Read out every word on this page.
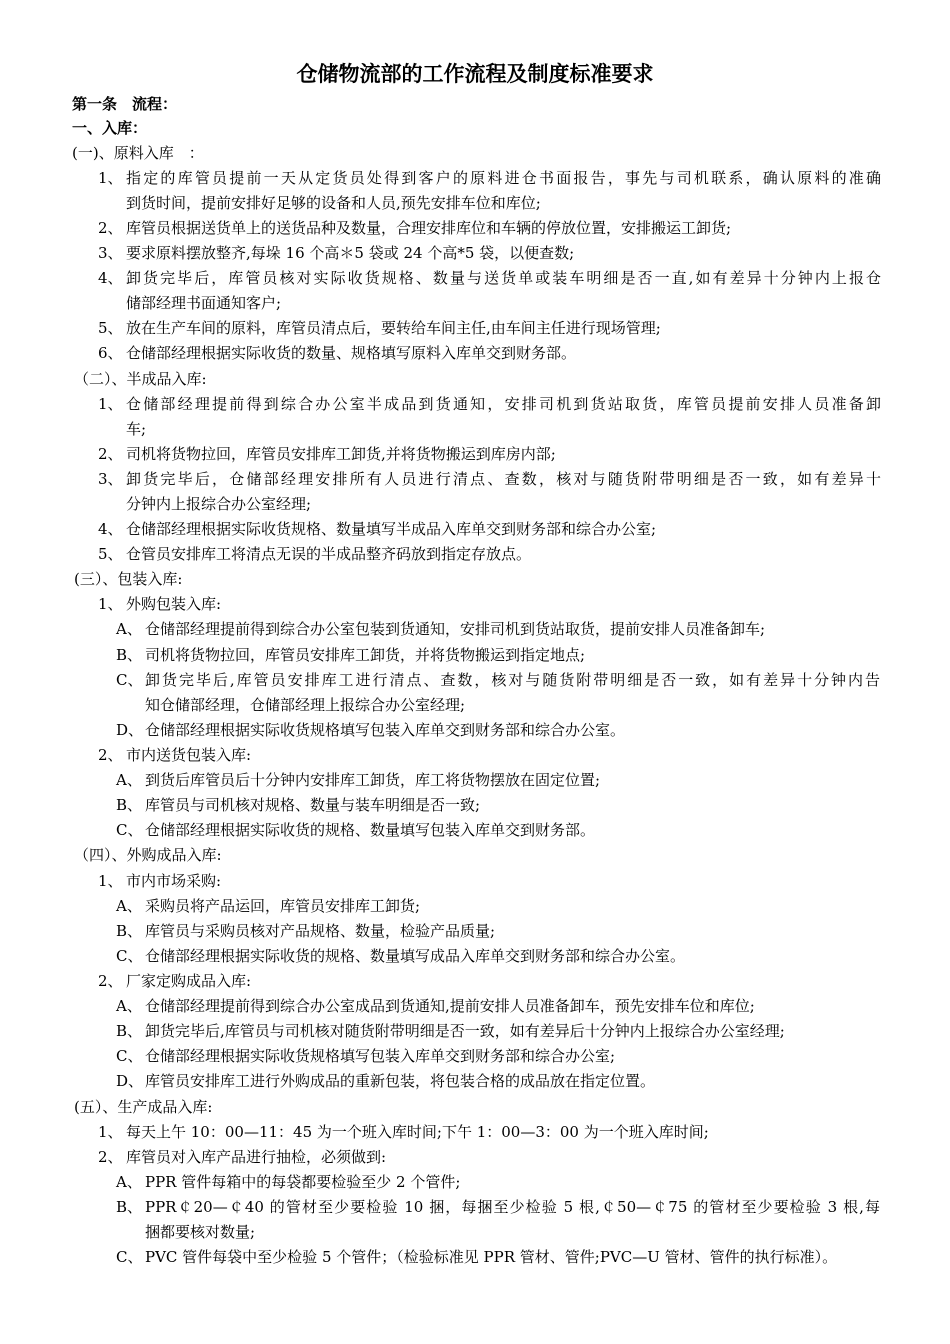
仓储物流部的工作流程及制度标准要求
第一条　流程：
一、入库：
(一)、原料入库　：
1、 指定的库管员提前一天从定货员处得到客户的原料进仓书面报告，事先与司机联系，确认原料的准确
到货时间，提前安排好足够的设备和人员,预先安排车位和库位;
2、 库管员根据送货单上的送货品种及数量，合理安排库位和车辆的停放位置，安排搬运工卸货;
3、 要求原料摆放整齐,每垛 16 个高＊5 袋或 24 个高*5 袋，以便查数;
4、 卸货完毕后，库管员核对实际收货规格、数量与送货单或装车明细是否一直,如有差异十分钟内上报仓
储部经理书面通知客户;
5、 放在生产车间的原料，库管员清点后，要转给车间主任,由车间主任进行现场管理;
6、 仓储部经理根据实际收货的数量、规格填写原料入库单交到财务部。
（二）、半成品入库:
1、 仓储部经理提前得到综合办公室半成品到货通知，安排司机到货站取货，库管员提前安排人员准备卸
车;
2、 司机将货物拉回，库管员安排库工卸货,并将货物搬运到库房内部;
3、 卸货完毕后，仓储部经理安排所有人员进行清点、查数，核对与随货附带明细是否一致，如有差异十
分钟内上报综合办公室经理;
4、 仓储部经理根据实际收货规格、数量填写半成品入库单交到财务部和综合办公室;
5、 仓管员安排库工将清点无误的半成品整齐码放到指定存放点。
(三）、包装入库:
1、 外购包装入库:
A、 仓储部经理提前得到综合办公室包装到货通知，安排司机到货站取货，提前安排人员准备卸车;
B、 司机将货物拉回，库管员安排库工卸货，并将货物搬运到指定地点;
C、 卸货完毕后,库管员安排库工进行清点、查数，核对与随货附带明细是否一致，如有差异十分钟内告
知仓储部经理，仓储部经理上报综合办公室经理;
D、 仓储部经理根据实际收货规格填写包装入库单交到财务部和综合办公室。
2、 市内送货包装入库:
A、 到货后库管员后十分钟内安排库工卸货，库工将货物摆放在固定位置;
B、 库管员与司机核对规格、数量与装车明细是否一致;
C、 仓储部经理根据实际收货的规格、数量填写包装入库单交到财务部。
（四）、外购成品入库:
1、 市内市场采购:
A、 采购员将产品运回，库管员安排库工卸货;
B、 库管员与采购员核对产品规格、数量，检验产品质量;
C、 仓储部经理根据实际收货的规格、数量填写成品入库单交到财务部和综合办公室。
2、 厂家定购成品入库:
A、 仓储部经理提前得到综合办公室成品到货通知,提前安排人员准备卸车，预先安排车位和库位;
B、 卸货完毕后,库管员与司机核对随货附带明细是否一致，如有差异后十分钟内上报综合办公室经理;
C、 仓储部经理根据实际收货规格填写包装入库单交到财务部和综合办公室;
D、 库管员安排库工进行外购成品的重新包装，将包装合格的成品放在指定位置。
(五）、生产成品入库:
1、 每天上午 10：00—11：45 为一个班入库时间;下午 1：00—3：00 为一个班入库时间;
2、 库管员对入库产品进行抽检，必须做到:
A、 PPR 管件每箱中的每袋都要检验至少 2 个管件;
B、 PPR￠20—￠40 的管材至少要检验 10 捆，每捆至少检验 5 根,￠50—￠75 的管材至少要检验 3 根,每
捆都要核对数量;
C、 PVC 管件每袋中至少检验 5 个管件；（检验标准见 PPR 管材、管件;PVC—U 管材、管件的执行标准）。
